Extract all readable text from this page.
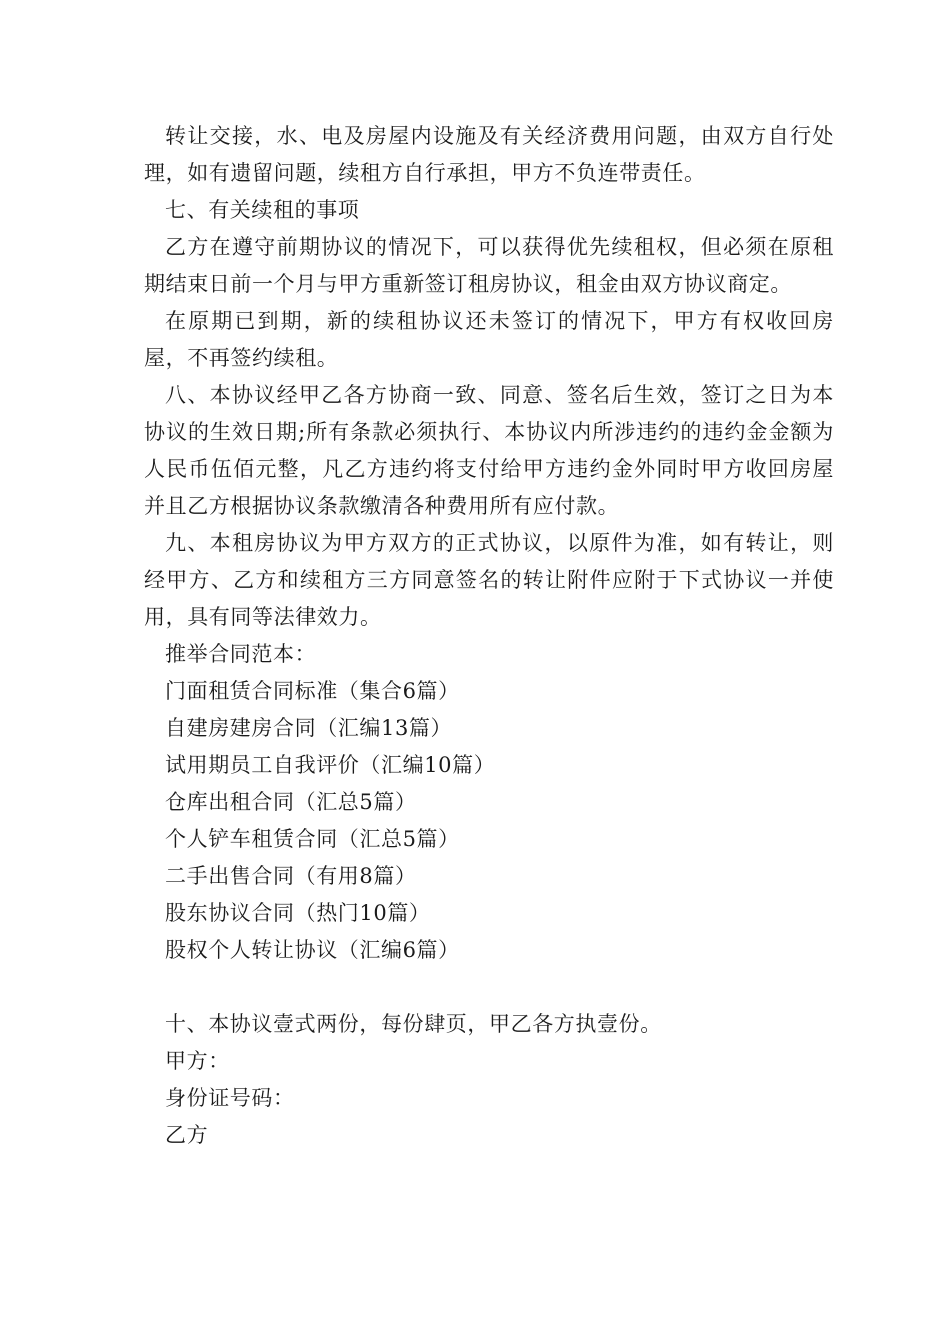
转让交接，水、电及房屋内设施及有关经济费用问题，由双方自行处理，如有遗留问题，续租方自行承担，甲方不负连带责任。

七、有关续租的事项

乙方在遵守前期协议的情况下，可以获得优先续租权，但必须在原租期结束日前一个月与甲方重新签订租房协议，租金由双方协议商定。

在原期已到期，新的续租协议还未签订的情况下，甲方有权收回房屋，不再签约续租。

八、本协议经甲乙各方协商一致、同意、签名后生效，签订之日为本协议的生效日期;所有条款必须执行、本协议内所涉违约的违约金金额为人民币伍佰元整，凡乙方违约将支付给甲方违约金外同时甲方收回房屋并且乙方根据协议条款缴清各种费用所有应付款。

九、本租房协议为甲方双方的正式协议，以原件为准，如有转让，则经甲方、乙方和续租方三方同意签名的转让附件应附于下式协议一并使用，具有同等法律效力。

推举合同范本：

门面租赁合同标准（集合6篇）

自建房建房合同（汇编13篇）

试用期员工自我评价（汇编10篇）

仓库出租合同（汇总5篇）

个人铲车租赁合同（汇总5篇）

二手出售合同（有用8篇）

股东协议合同（热门10篇）

股权个人转让协议（汇编6篇）

十、本协议壹式两份，每份肆页，甲乙各方执壹份。

甲方：

身份证号码：

乙方
